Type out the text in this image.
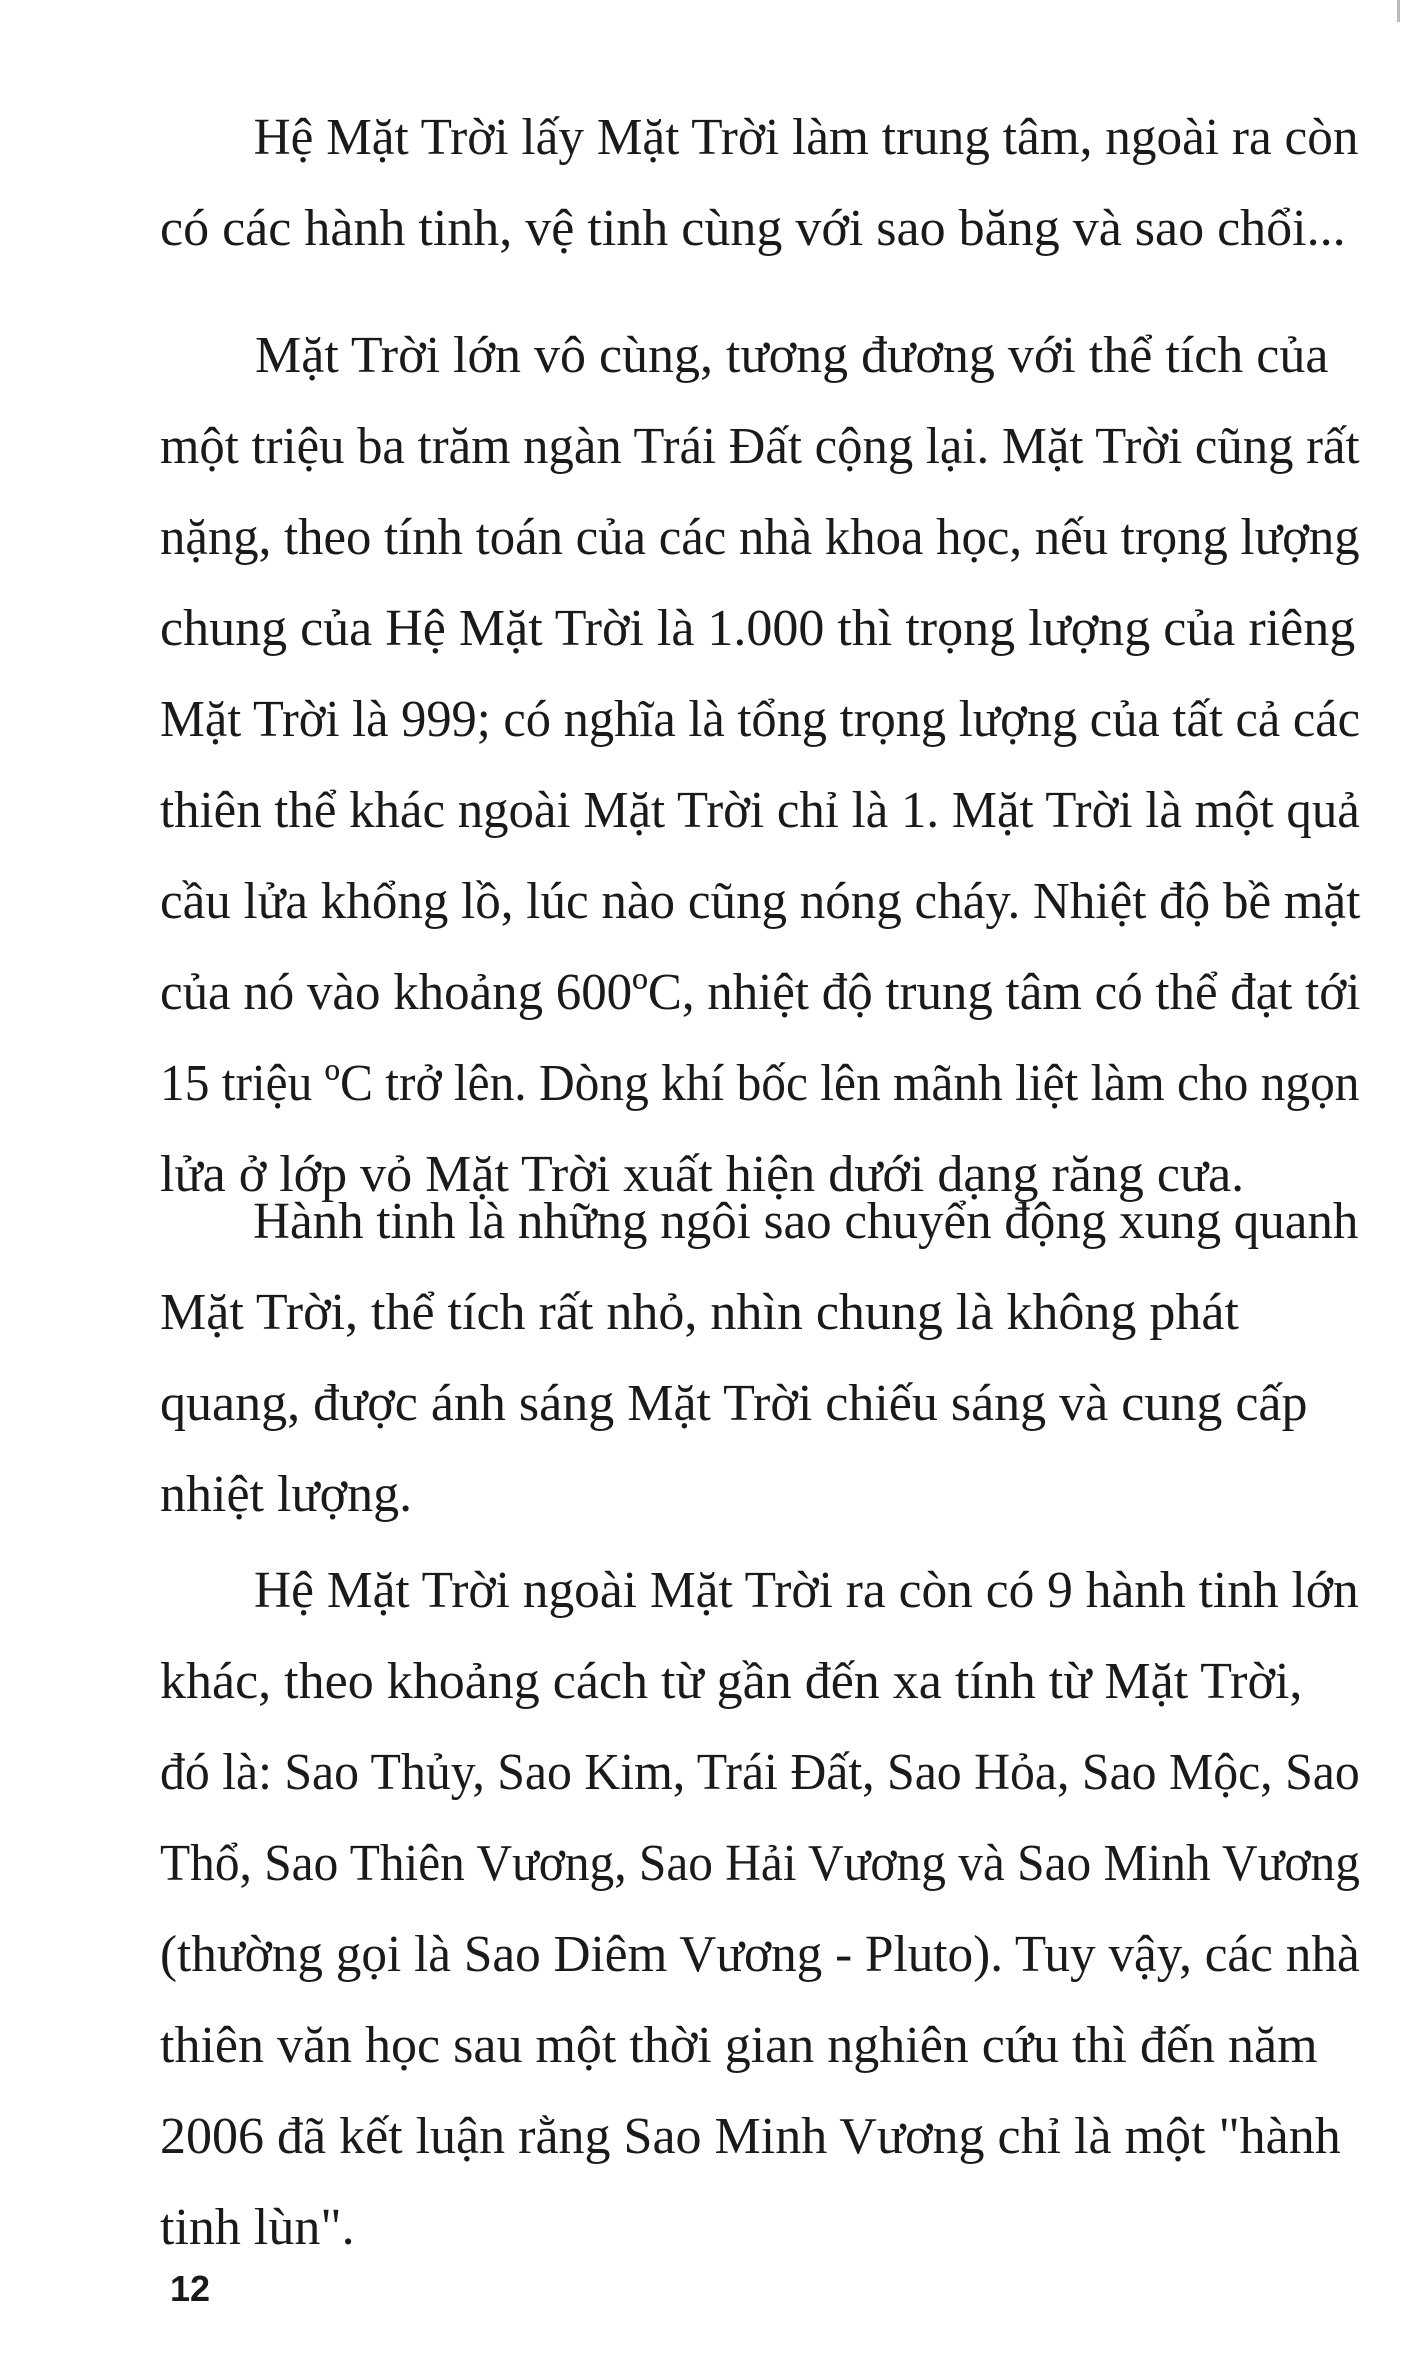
Hệ Mặt Trời lấy Mặt Trời làm trung tâm, ngoài ra còn
có các hành tinh, vệ tinh cùng với sao băng và sao chổi...
Mặt Trời lớn vô cùng, tương đương với thể tích của
một triệu ba trăm ngàn Trái Đất cộng lại. Mặt Trời cũng rất
nặng, theo tính toán của các nhà khoa học, nếu trọng lượng
chung của Hệ Mặt Trời là 1.000 thì trọng lượng của riêng
Mặt Trời là 999; có nghĩa là tổng trọng lượng của tất cả các
thiên thể khác ngoài Mặt Trời chỉ là 1. Mặt Trời là một quả
cầu lửa khổng lồ, lúc nào cũng nóng cháy. Nhiệt độ bề mặt
của nó vào khoảng 600ºC, nhiệt độ trung tâm có thể đạt tới
15 triệu ºC trở lên. Dòng khí bốc lên mãnh liệt làm cho ngọn
lửa ở lớp vỏ Mặt Trời xuất hiện dưới dạng răng cưa.
Hành tinh là những ngôi sao chuyển động xung quanh
Mặt Trời, thể tích rất nhỏ, nhìn chung là không phát
quang, được ánh sáng Mặt Trời chiếu sáng và cung cấp
nhiệt lượng.
Hệ Mặt Trời ngoài Mặt Trời ra còn có 9 hành tinh lớn
khác, theo khoảng cách từ gần đến xa tính từ Mặt Trời,
đó là: Sao Thủy, Sao Kim, Trái Đất, Sao Hỏa, Sao Mộc, Sao
Thổ, Sao Thiên Vương, Sao Hải Vương và Sao Minh Vương
(thường gọi là Sao Diêm Vương - Pluto). Tuy vậy, các nhà
thiên văn học sau một thời gian nghiên cứu thì đến năm
2006 đã kết luận rằng Sao Minh Vương chỉ là một "hành
tinh lùn".
12
